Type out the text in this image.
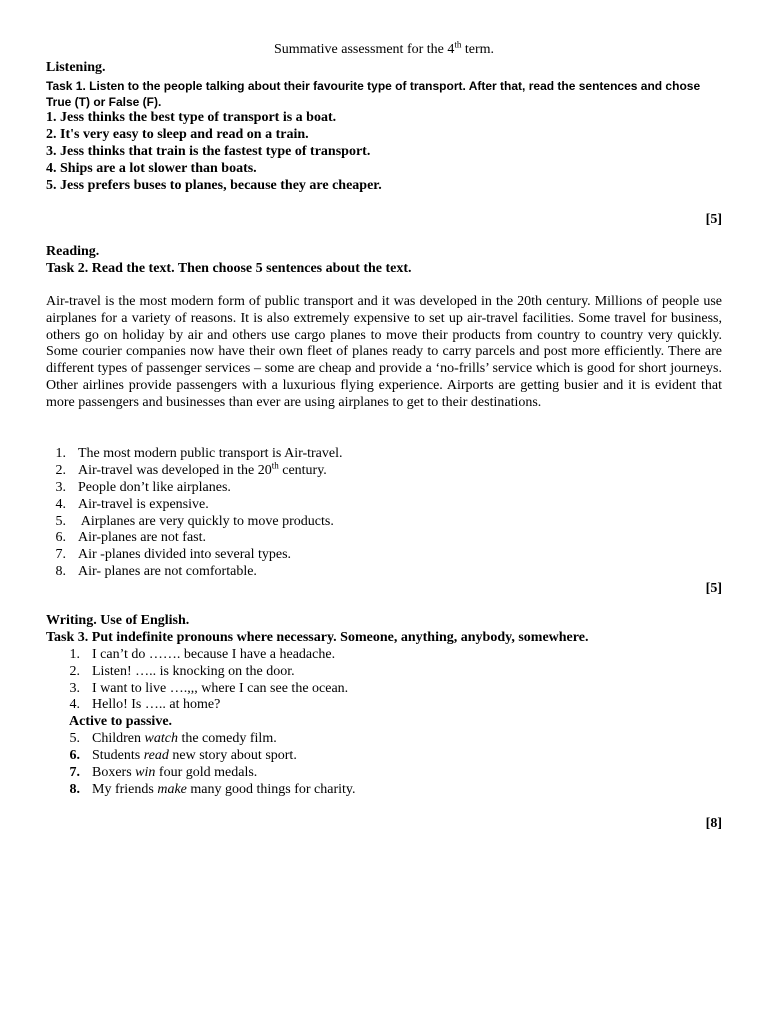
Summative assessment for the 4th term.
Listening.
Task 1. Listen to the people talking about their favourite type of transport. After that, read the sentences and chose True (T) or False (F).
1. Jess thinks the best type of transport is a boat.
2. It's very easy to sleep and read on a train.
3. Jess thinks that train is the fastest type of transport.
4. Ships are a lot slower than boats.
5. Jess prefers buses to planes, because they are cheaper.
[5]
Reading.
Task 2. Read the text. Then choose 5 sentences about the text.
Air-travel is the most modern form of public transport and it was developed in the 20th century. Millions of people use airplanes for a variety of reasons. It is also extremely expensive to set up air-travel facilities. Some travel for business, others go on holiday by air and others use cargo planes to move their products from country to country very quickly. Some courier companies now have their own fleet of planes ready to carry parcels and post more efficiently. There are different types of passenger services – some are cheap and provide a ‘no-frills’ service which is good for short journeys. Other airlines provide passengers with a luxurious flying experience. Airports are getting busier and it is evident that more passengers and businesses than ever are using airplanes to get to their destinations.
1. The most modern public transport is Air-travel.
2. Air-travel was developed in the 20th century.
3. People don’t like airplanes.
4. Air-travel is expensive.
5. Airplanes are very quickly to move products.
6. Air-planes are not fast.
7. Air -planes divided into several types.
8. Air- planes are not comfortable.
[5]
Writing. Use of English.
Task 3. Put indefinite pronouns where necessary. Someone, anything, anybody, somewhere.
1. I can’t do ……. because I have a headache.
2. Listen! ….. is knocking on the door.
3. I want to live ….,,, where I can see the ocean.
4. Hello! Is ….. at home?
Active to passive.
5. Children watch the comedy film.
6. Students read new story about sport.
7. Boxers win four gold medals.
8. My friends make many good things for charity.
[8]
